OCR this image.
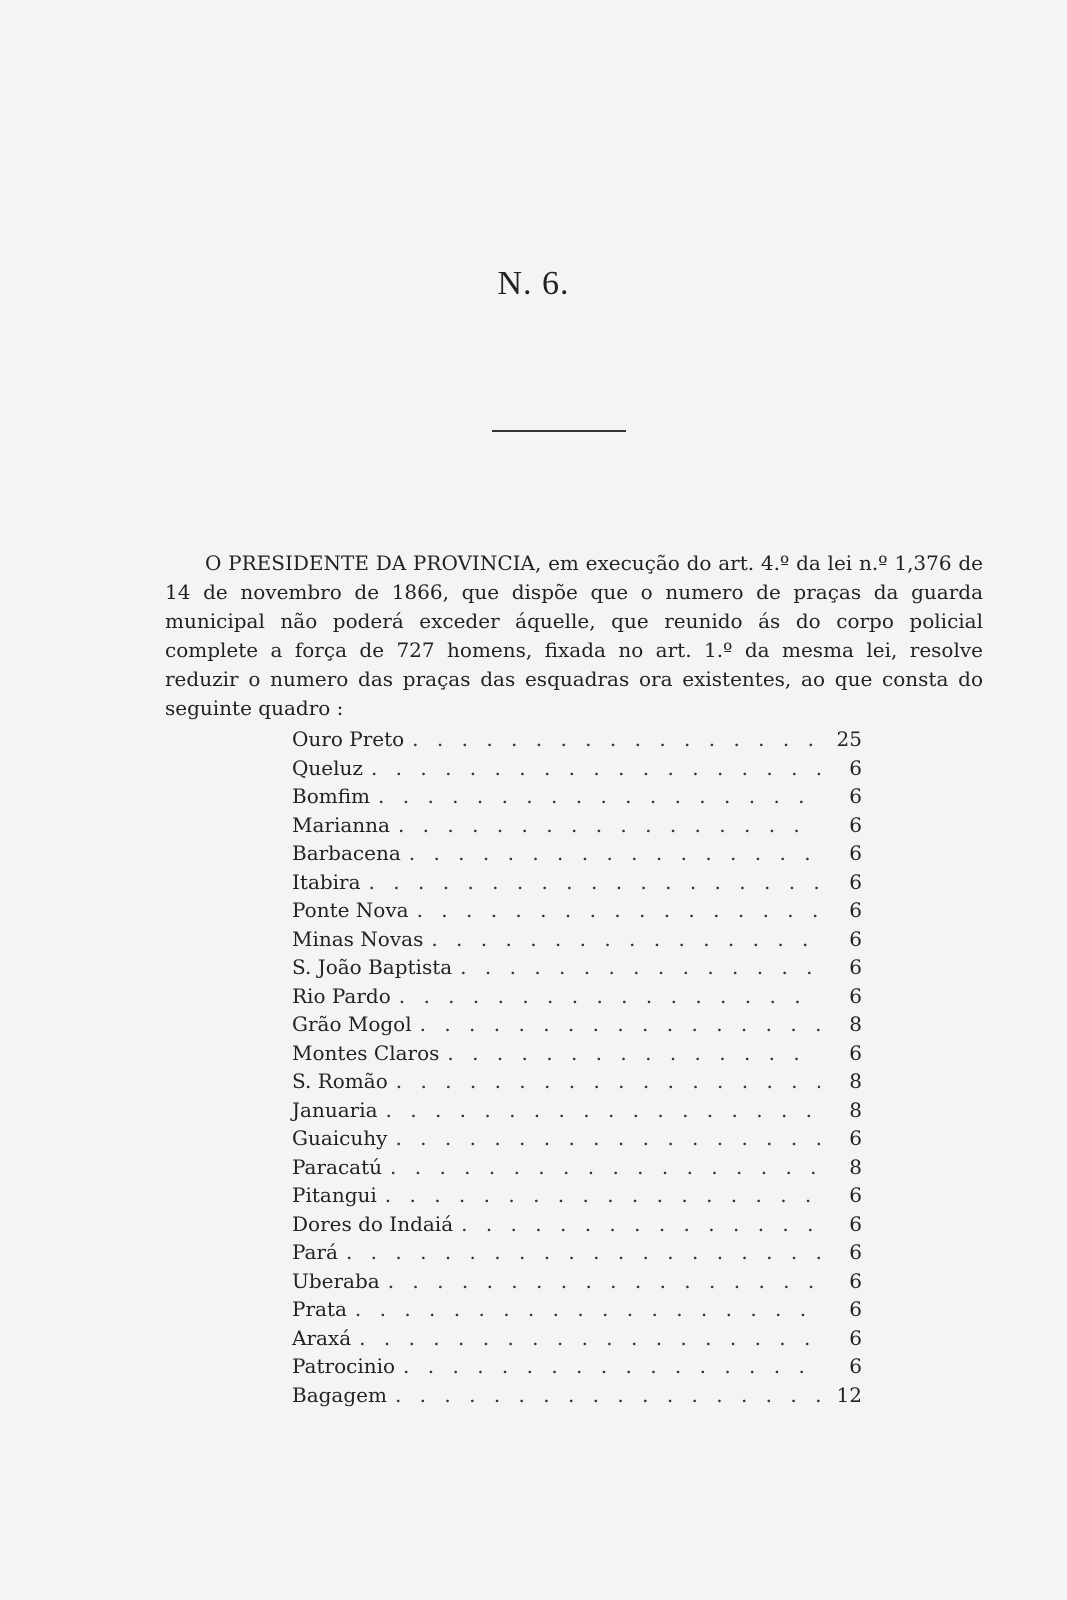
N. 6.
O PRESIDENTE DA PROVINCIA, em execução do art. 4.º da lei n.º 1,376 de 14 de novembro de 1866, que dispõe que o numero de praças da guarda municipal não poderá exceder áquelle, que reunido ás do corpo policial complete a força de 727 homens, fixada no art. 1.º da mesma lei, resolve reduzir o numero das praças das esquadras ora existentes, ao que consta do seguinte quadro :
Ouro Preto . . .	25
Queluz . . .	6
Bomfim . . .	6
Marianna . . .	6
Barbacena . . .	6
Itabira . . .	6
Ponte Nova . . .	6
Minas Novas . . .	6
S. João Baptista . . .	6
Rio Pardo . . .	6
Grão Mogol . . .	8
Montes Claros . . .	6
S. Romão . . .	8
Januaria . . .	8
Guaicuhy . . .	6
Paracatú . . .	8
Pitangui . . .	6
Dores do Indaiá . . .	6
Pará . . .	6
Uberaba . . .	6
Prata . . .	6
Araxá . . .	6
Patrocinio . . .	6
Bagagem . . .	12
